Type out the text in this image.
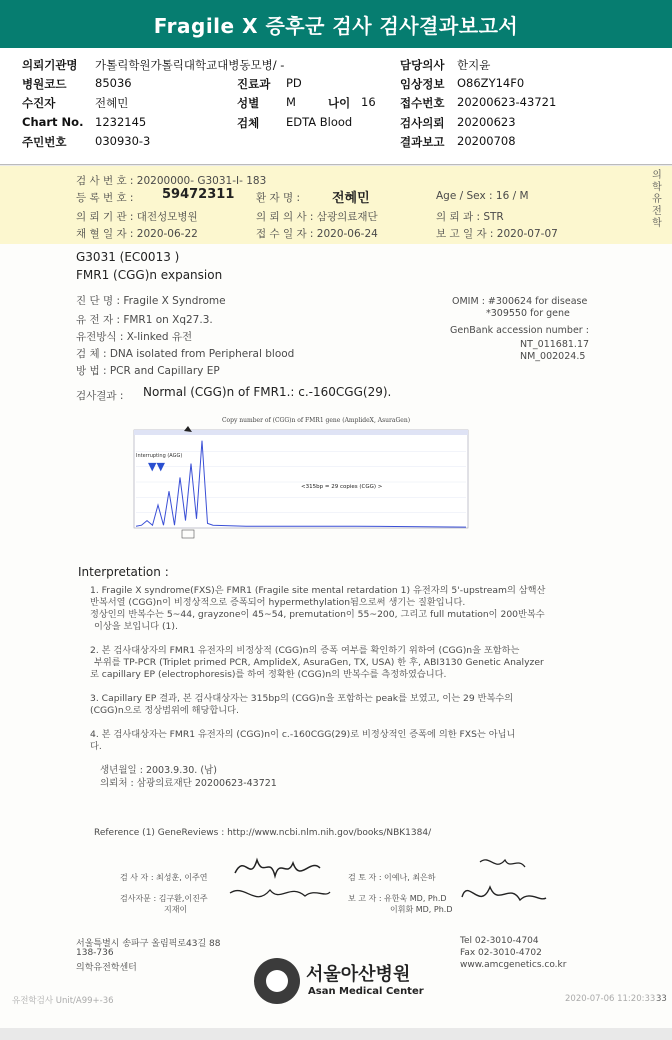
Fragile X 증후군 검사 검사결과보고서
의뢰기관명 가톨릭학원가톨릭대학교대병동모병/ -	담당의사 한지윤
병원코드 85036	진료과 PD	임상정보 O86ZY14F0
수진자	전혜민	성별 M	나이 16 접수번호 20200623-43721
Chart No. 1232145	검체 EDTA Blood	검사의뢰 20200623
주민번호 030930-3	결과보고 20200708
검 사 번 호 : 20200000- G3031-I- 183
등 록 번 호 : 59472311 환 자 명 : 전혜민	Age / Sex : 16 / M
의 뢰 기 관 : 대전성모병원	의 뢰 의 사 : 삼광의료재단	의 뢰 과 : STR
채 혈 일 자 : 2020-06-22	접 수 일 자 : 2020-06-24	보 고 일 자 : 2020-07-07
의학유전학
G3031 (EC0013 )
FMR1 (CGG)n expansion
진 단 명 : Fragile X Syndrome
유 전 자 : FMR1 on Xq27.3.
유전방식 : X-linked 유전
검 체 : DNA isolated from Peripheral blood
방 법 : PCR and Capillary EP
OMIM : #300624 for disease
*309550 for gene
GenBank accession number :
NT_011681.17
NM_002024.5
검사결과 : Normal (CGG)n of FMR1.: c.-160CGG(29).
Copy number of (CGG)n of FMR1 gene (AmplideX, AsuraGen)
Interrupting (AGG)
▼▼
<315bp = 29 copies (CGG) >
Interpretation :
1. Fragile X syndrome(FXS)은 FMR1 (Fragile site mental retardation 1) 유전자의 5'-upstream의 삼핵산
반복서열 (CGG)n이 비정상적으로 증폭되어 hypermethylation됨으로써 생기는 질환입니다.
정상인의 반복수는 5~44, grayzone이 45~54, premutation이 55~200, 그리고 full mutation이 200반복수
이상을 보입니다 (1).
2. 본 검사대상자의 FMR1 유전자의 비정상적 (CGG)n의 증폭 여부를 확인하기 위하여 (CGG)n을 포함하는
부위를 TP-PCR (Triplet primed PCR, AmplideX, AsuraGen, TX, USA) 한 후, ABI3130 Genetic Analyzer
로 capillary EP (electrophoresis)를 하여 정확한 (CGG)n의 반복수를 측정하였습니다.
3. Capillary EP 결과, 본 검사대상자는 315bp의 (CGG)n을 포함하는 peak를 보였고, 이는 29 반복수의
(CGG)n으로 정상범위에 해당합니다.
4. 본 검사대상자는 FMR1 유전자의 (CGG)n이 c.-160CGG(29)로 비정상적인 증폭에 의한 FXS는 아닙니
다.
생년월일 : 2003.9.30. (남)
의뢰처 : 삼광의료재단 20200623-43721
Reference (1) GeneReviews : http://www.ncbi.nlm.nih.gov/books/NBK1384/
검 사 자 : 최성훈, 이주연
검사자문 : 김구환,이진주
지재이
검 토 자 : 이예나, 최은하
보 고 자 : 유한욱 MD, Ph.D
이휘화 MD, Ph.D
서울특별시 송파구 올림픽로43길 88
138-736
의학유전학센터
Tel 02-3010-4704
Fax 02-3010-4702
www.amcgenetics.co.kr
서울아산병원
Asan Medical Center
유전학검사 Unit/A99+-36	2020-07-06 11:20:33 33
